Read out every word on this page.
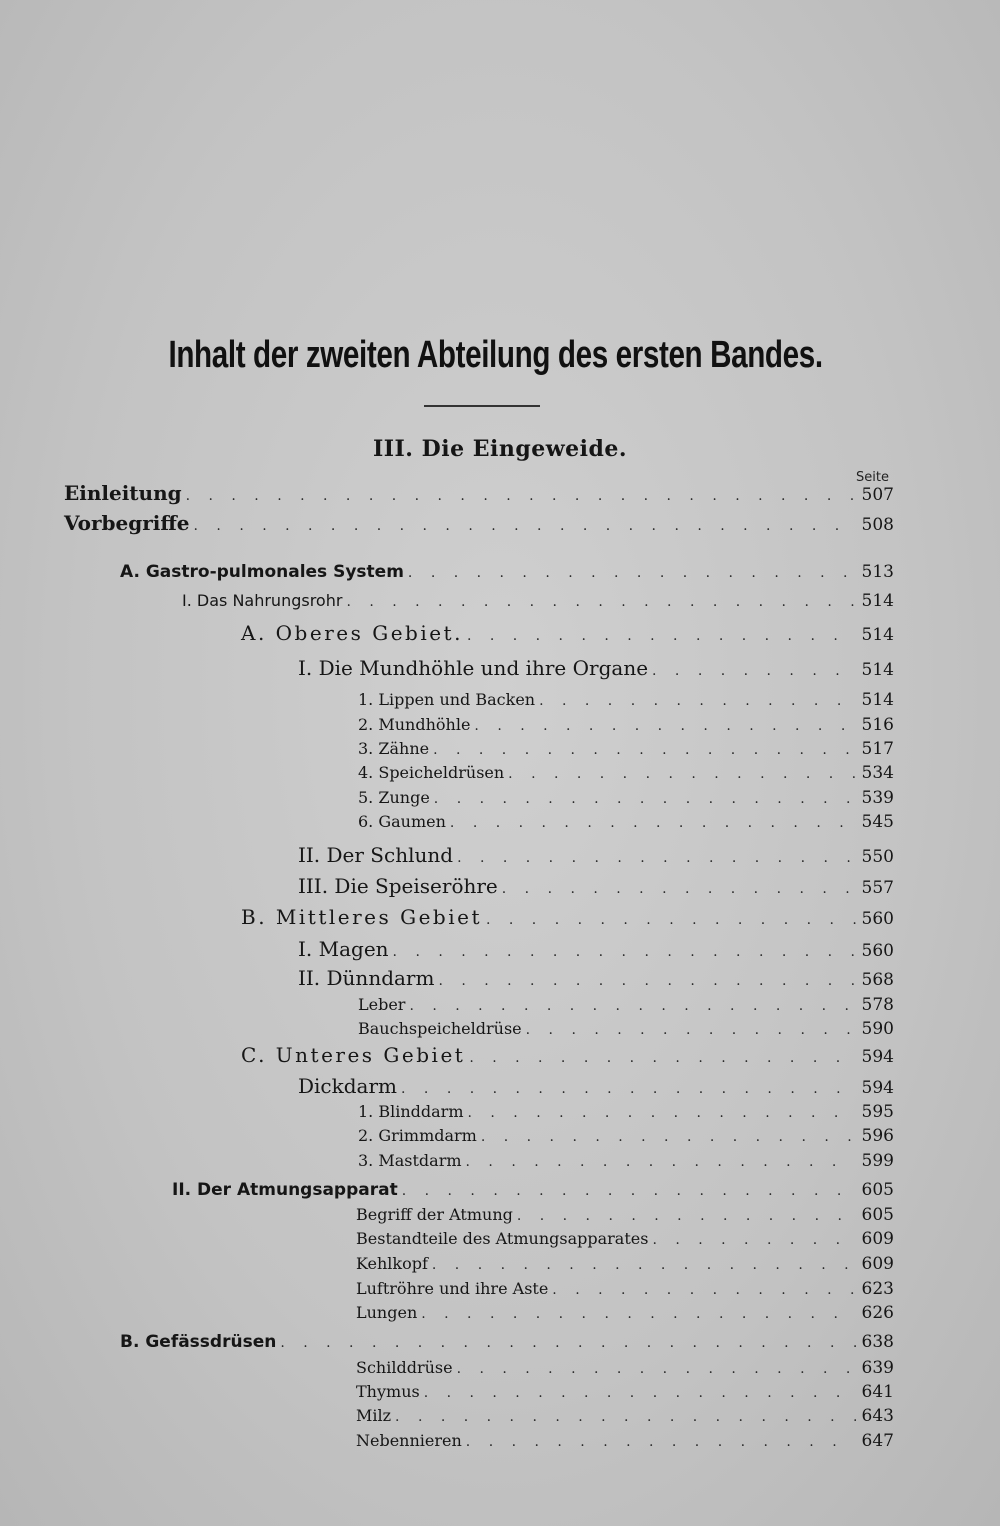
Inhalt der zweiten Abteilung des ersten Bandes.
III. Die Eingeweide.
Seite
Einleitung . . .	507
Vorbegriffe . . .	508
A. Gastro-pulmonales System . . .	513
I. Das Nahrungsrohr . . .	514
A. Oberes Gebiet. . . .	514
I. Die Mundhöhle und ihre Organe . . .	514
1. Lippen und Backen . . .	514
2. Mundhöhle . . .	516
3. Zähne . . .	517
4. Speicheldrüsen . . .	534
5. Zunge . . .	539
6. Gaumen . . .	545
II. Der Schlund . . .	550
III. Die Speiseröhre . . .	557
B. Mittleres Gebiet . . .	560
I. Magen . . .	560
II. Dünndarm . . .	568
Leber . . .	578
Bauchspeicheldrüse . . .	590
C. Unteres Gebiet . . .	594
Dickdarm . . .	594
1. Blinddarm . . .	595
2. Grimmdarm . . .	596
3. Mastdarm . . .	599
II. Der Atmungsapparat . . .	605
Begriff der Atmung . . .	605
Bestandteile des Atmungsapparates . . .	609
Kehlkopf . . .	609
Luftröhre und ihre Aste . . .	623
Lungen . . .	626
B. Gefässdrüsen . . .	638
Schilddrüse . . .	639
Thymus . . .	641
Milz . . .	643
Nebennieren . . .	647
